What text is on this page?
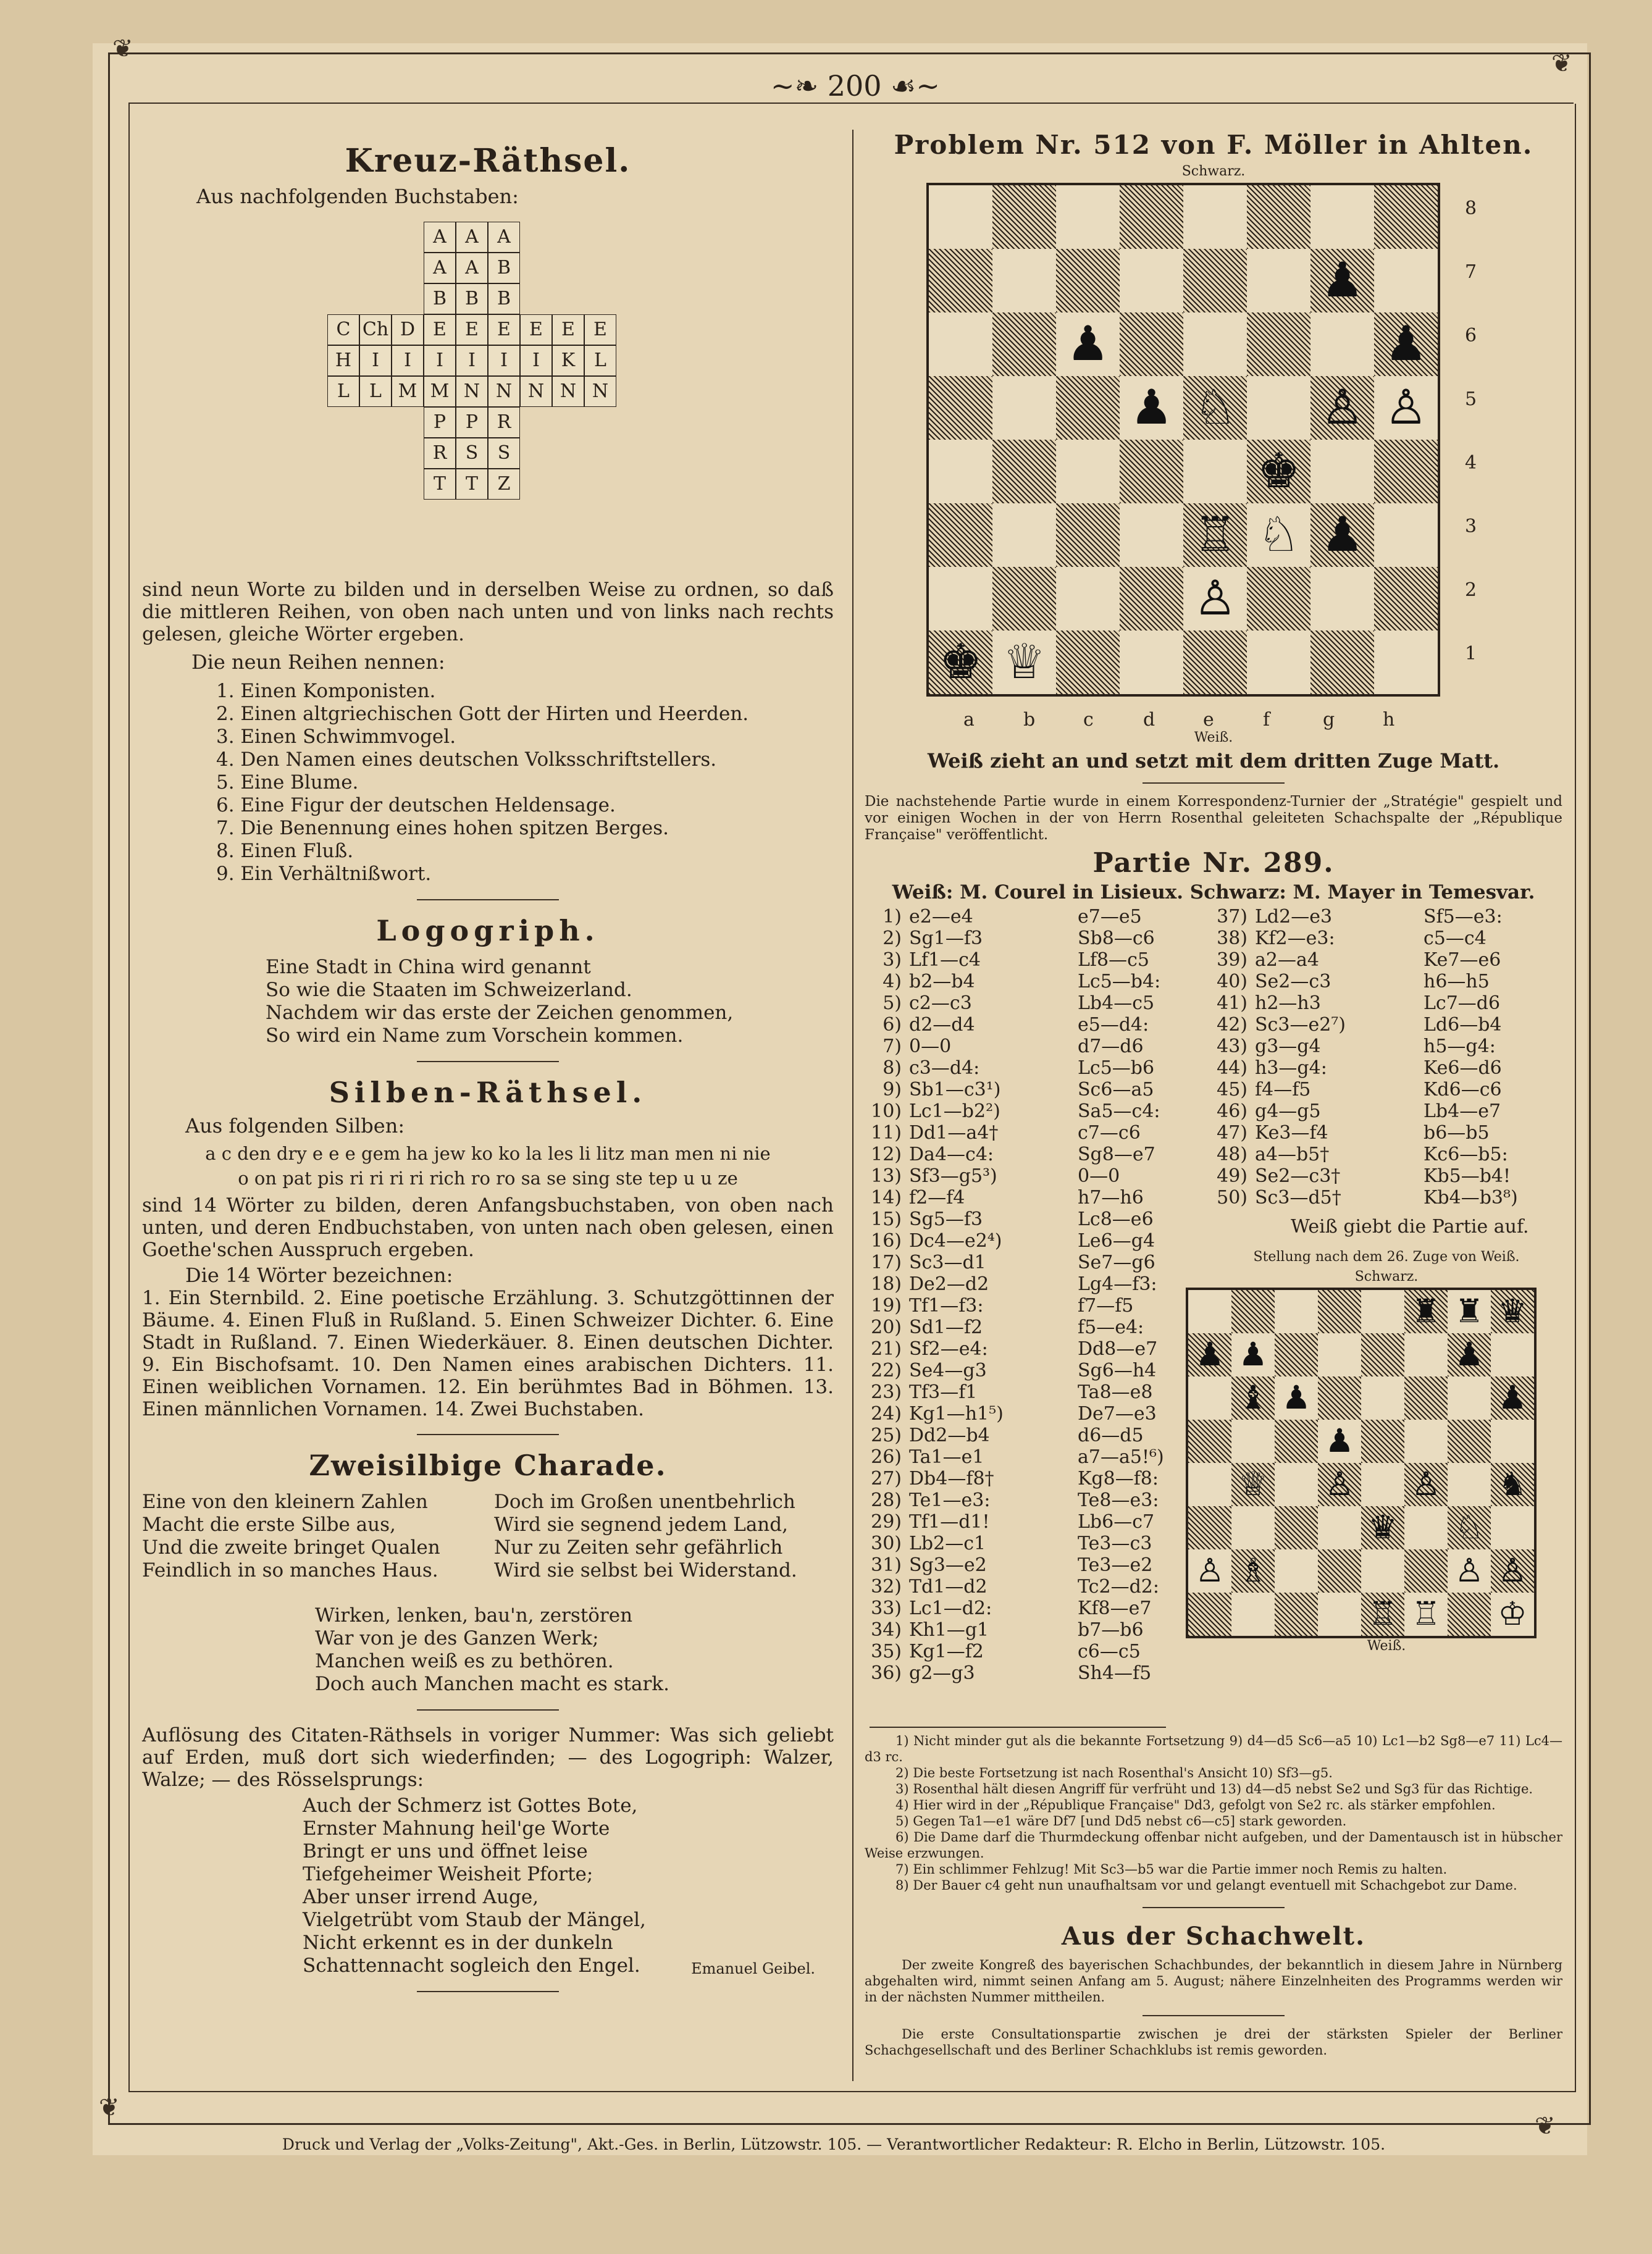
❦
❦
❦
❦
~❧ 200 ☙~
Kreuz-Räthsel.
Aus nachfolgenden Buchstaben:
A	A	A
A	A	B
B B B
C Ch D E	E	E	E	E	E
H	I	I	I	I	I	I	K	L
L	L M M N N N N N
P	P	R
R	S	S
T	T	Z

sind neun Worte zu bilden und in derselben Weise zu ordnen, so daß die mittleren Reihen, von oben nach unten und von links nach rechts gelesen, gleiche Wörter ergeben.

Die neun Reihen nennen:
1. Einen Komponisten.
2. Einen altgriechischen Gott der Hirten und Heerden.
3. Einen Schwimmvogel.
4. Den Namen eines deutschen Volksschriftstellers.
5. Eine Blume.
6. Eine Figur der deutschen Heldensage.
7. Die Benennung eines hohen spitzen Berges.
8. Einen Fluß.
9. Ein Verhältnißwort.
Logogriph.
Eine Stadt in China wird genannt
So wie die Staaten im Schweizerland.
Nachdem wir das erste der Zeichen genommen,
So wird ein Name zum Vorschein kommen.
Silben-Räthsel.
Aus folgenden Silben:
a c den dry e e e gem ha jew ko ko la les li litz man men ni nie
o on pat pis ri ri ri ri rich ro ro sa se sing ste tep u u ze

sind 14 Wörter zu bilden, deren Anfangsbuchstaben, von oben nach unten, und deren Endbuchstaben, von unten nach oben gelesen, einen Goethe'schen Ausspruch ergeben.

Die 14 Wörter bezeichnen:

1. Ein Sternbild. 2. Eine poetische Erzählung. 3. Schutzgöttinnen der Bäume. 4. Einen Fluß in Rußland. 5. Einen Schweizer Dichter. 6. Eine Stadt in Rußland. 7. Einen Wiederkäuer. 8. Einen deutschen Dichter. 9. Ein Bischofsamt. 10. Den Namen eines arabischen Dichters. 11. Einen weiblichen Vornamen. 12. Ein berühmtes Bad in Böhmen. 13. Einen männlichen Vornamen. 14. Zwei Buchstaben.

Zweisilbige Charade.
Eine von den kleinern Zahlen
Macht die erste Silbe aus,
Und die zweite bringet Qualen
Feindlich in so manches Haus.
Doch im Großen unentbehrlich
Wird sie segnend jedem Land,
Nur zu Zeiten sehr gefährlich
Wird sie selbst bei Widerstand.
Wirken, lenken, bau'n, zerstören
War von je des Ganzen Werk;
Manchen weiß es zu bethören.
Doch auch Manchen macht es stark.

Auflösung des Citaten-Räthsels in voriger Nummer: Was sich geliebt auf Erden, muß dort sich wiederfinden; — des Logogriph: Walzer, Walze; — des Rösselsprungs:

Auch der Schmerz ist Gottes Bote,
Ernster Mahnung heil'ge Worte
Bringt er uns und öffnet leise
Tiefgeheimer Weisheit Pforte;
Aber unser irrend Auge,
Vielgetrübt vom Staub der Mängel,
Nicht erkennt es in der dunkeln
Schattennacht sogleich den Engel.	Emanuel Geibel.
Problem Nr. 512 von F. Möller in Ahlten.
Schwarz.
♟
♟	♟
♟ ♘ ♙ ♙
♚
♖ ♘ ♟
♙
♚ ♕
8
7
6
5
4
3
2
1
a	b	c	d	e	f	g	h
Weiß.
Weiß zieht an und setzt mit dem dritten Zuge Matt.

Die nachstehende Partie wurde in einem Korrespondenz-Turnier der „Stratégie" gespielt und vor einigen Wochen in der von Herrn Rosenthal geleiteten Schachspalte der „République Française" veröffentlicht.

Partie Nr. 289.
Weiß: M. Courel in Lisieux. Schwarz: M. Mayer in Temesvar.
1) e2—e4	e7—e5
2) Sg1—f3	Sb8—c6
3) Lf1—c4	Lf8—c5
4) b2—b4	Lc5—b4:
5) c2—c3	Lb4—c5
6) d2—d4	e5—d4:
7) 0—0	d7—d6
8) c3—d4:	Lc5—b6
9) Sb1—c3¹)	Sc6—a5
10) Lc1—b2²)	Sa5—c4:
11) Dd1—a4†	c7—c6
12) Da4—c4:	Sg8—e7
13) Sf3—g5³)	0—0
14) f2—f4	h7—h6
15) Sg5—f3	Lc8—e6
16) Dc4—e2⁴)	Le6—g4
17) Sc3—d1	Se7—g6
18) De2—d2	Lg4—f3:
19) Tf1—f3:	f7—f5
20) Sd1—f2	f5—e4:
21) Sf2—e4:	Dd8—e7
22) Se4—g3	Sg6—h4
23) Tf3—f1	Ta8—e8
24) Kg1—h1⁵)	De7—e3
25) Dd2—b4	d6—d5
26) Ta1—e1	a7—a5!⁶)
27) Db4—f8†	Kg8—f8:
28) Te1—e3:	Te8—e3:
29) Tf1—d1!	Lb6—c7
30) Lb2—c1	Te3—c3
31) Sg3—e2	Te3—e2
32) Td1—d2	Tc2—d2:
33) Lc1—d2:	Kf8—e7
34) Kh1—g1	b7—b6
35) Kg1—f2	c6—c5
36) g2—g3	Sh4—f5
37) Ld2—e3	Sf5—e3:
38) Kf2—e3:	c5—c4
39) a2—a4	Ke7—e6
40) Se2—c3	h6—h5
41) h2—h3	Lc7—d6
42) Sc3—e2⁷)	Ld6—b4
43) g3—g4	h5—g4:
44) h3—g4:	Ke6—d6
45) f4—f5	Kd6—c6
46) g4—g5	Lb4—e7
47) Ke3—f4	b6—b5
48) a4—b5†	Kc6—b5:
49) Se2—c3†	Kb5—b4!
50) Sc3—d5†	Kb4—b3⁸)
Weiß giebt die Partie auf.
Stellung nach dem 26. Zuge von Weiß.
Schwarz.
♜ ♜ ♛
♟ ♟	♟
♝ ♟	♟
♟
♕ ♙ ♙ ♞
♛ ♘
♙ ♗	♙ ♙
♖ ♖ ♔
Weiß.

1) Nicht minder gut als die bekannte Fortsetzung 9) d4—d5 Sc6—a5 10) Lc1—b2 Sg8—e7 11) Lc4—d3 rc.

2) Die beste Fortsetzung ist nach Rosenthal's Ansicht 10) Sf3—g5.

3) Rosenthal hält diesen Angriff für verfrüht und 13) d4—d5 nebst Se2 und Sg3 für das Richtige.

4) Hier wird in der „République Française" Dd3, gefolgt von Se2 rc. als stärker empfohlen.

5) Gegen Ta1—e1 wäre Df7 [und Dd5 nebst c6—c5] stark geworden.

6) Die Dame darf die Thurmdeckung offenbar nicht aufgeben, und der Damentausch ist in hübscher Weise erzwungen.

7) Ein schlimmer Fehlzug! Mit Sc3—b5 war die Partie immer noch Remis zu halten.

8) Der Bauer c4 geht nun unaufhaltsam vor und gelangt eventuell mit Schachgebot zur Dame.

Aus der Schachwelt.

Der zweite Kongreß des bayerischen Schachbundes, der bekanntlich in diesem Jahre in Nürnberg abgehalten wird, nimmt seinen Anfang am 5. August; nähere Einzelnheiten des Programms werden wir in der nächsten Nummer mittheilen.

Die erste Consultationspartie zwischen je drei der stärksten Spieler der Berliner Schachgesellschaft und des Berliner Schachklubs ist remis geworden.

Druck und Verlag der „Volks-Zeitung", Akt.-Ges. in Berlin, Lützowstr. 105. — Verantwortlicher Redakteur: R. Elcho in Berlin, Lützowstr. 105.
